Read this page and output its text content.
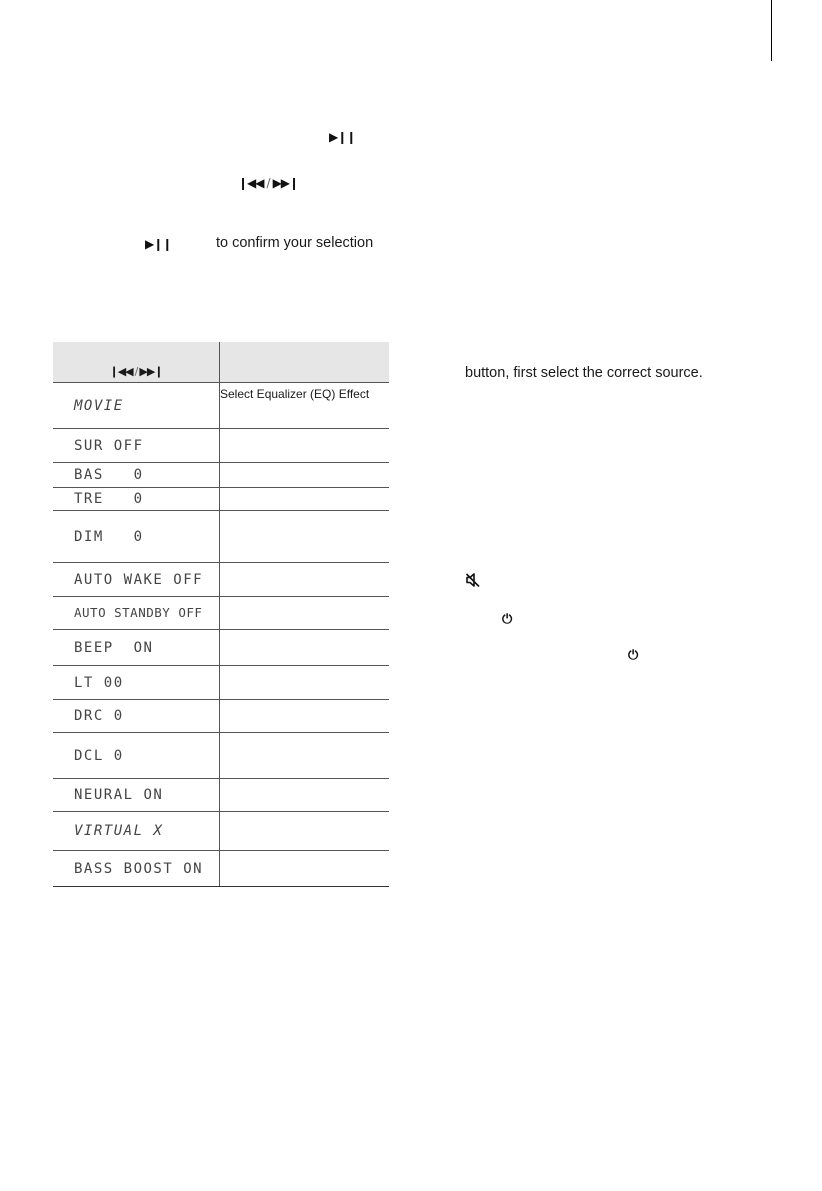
▶❙❙
❙◀◀ / ▶▶❙
▶❙❙	to confirm your selection
❙◀◀ / ▶▶❙	
MOVIE	Select Equalizer (EQ) Effect
SUR OFF	
BAS   0	
TRE   0	
DIM   0	
AUTO WAKE OFF	
AUTO STANDBY OFF	
BEEP  ON	
LT 00	
DRC 0	
DCL 0	
NEURAL ON	
VIRTUAL X	
BASS BOOST ON	
button, first select the correct source.
⏻
⏻
